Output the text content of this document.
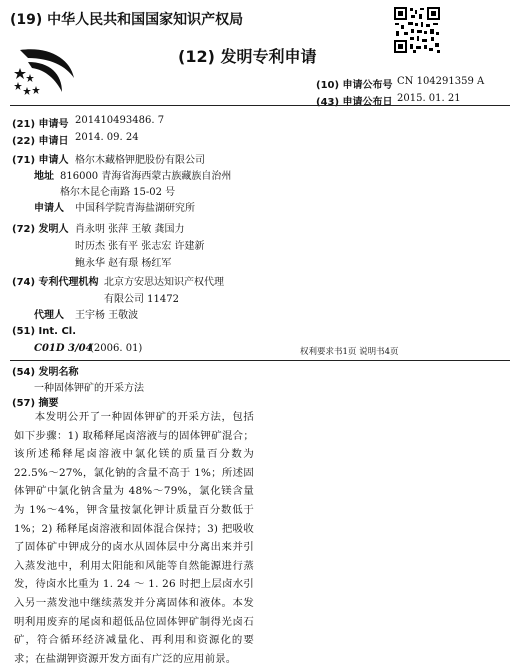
(19) 中华人民共和国国家知识产权局
(12) 发明专利申请
(10) 申请公布号 CN 104291359 A
(43) 申请公布日 2015. 01. 21
(21) 申请号 201410493486. 7
(22) 申请日 2014. 09. 24
(71) 申请人 格尔木藏格钾肥股份有限公司
地址 816000 青海省海西蒙古族藏族自治州
格尔木昆仑南路 15-02 号
申请人 中国科学院青海盐湖研究所
(72) 发明人 肖永明 张萍 王敏 龚国力
时历杰 张有平 张志宏 许建新
鲍永华 赵有璟 杨红军
(74) 专利代理机构 北京方安思达知识产权代理
有限公司 11472
代理人 王宇杨 王敬波
(51) Int. Cl.
C01D 3/04
(2006. 01)	权利要求书1页 说明书4页
(54) 发明名称
一种固体钾矿的开采方法
(57) 摘要
本发明公开了一种固体钾矿的开采方法，包括如下步骤：1) 取稀释尾卤溶液与的固体钾矿混合；该所述稀释尾卤溶液中氯化镁的质量百分数为 22.5%～27%，氯化钠的含量不高于 1%；所述固体钾矿中氯化钠含量为 48%～79%，氯化镁含量为 1%～4%，钾含量按氯化钾计质量百分数低于 1%；2) 稀释尾卤溶液和固体混合保持；3) 把吸收了固体矿中钾成分的卤水从固体层中分离出来并引入蒸发池中，利用太阳能和风能等自然能源进行蒸发，待卤水比重为 1. 24 ～ 1. 26 时把上层卤水引入另一蒸发池中继续蒸发并分离固体和液体。本发明利用废弃的尾卤和超低品位固体钾矿制得光卤石矿，符合循环经济减量化、再利用和资源化的要求；在盐湖钾资源开发方面有广泛的应用前景。
